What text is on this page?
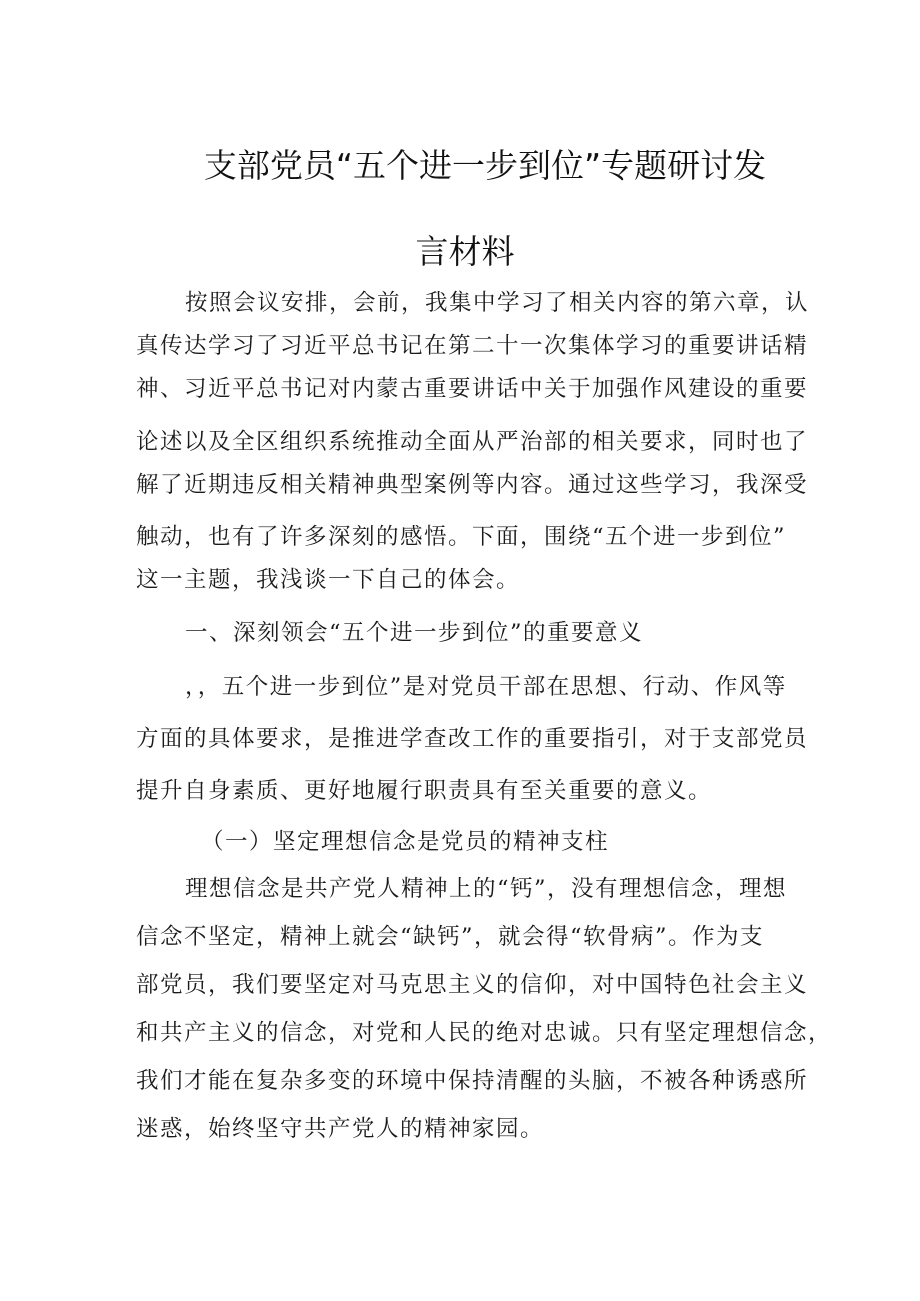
支部党员“五个进一步到位”专题研讨发
言材料
按照会议安排，会前，我集中学习了相关内容的第六章，认
真传达学习了习近平总书记在第二十一次集体学习的重要讲话精
神、习近平总书记对内蒙古重要讲话中关于加强作风建设的重要
论述以及全区组织系统推动全面从严治部的相关要求，同时也了
解了近期违反相关精神典型案例等内容。通过这些学习，我深受
触动，也有了许多深刻的感悟。下面，围绕“五个进一步到位”
这一主题，我浅谈一下自己的体会。
一、深刻领会“五个进一步到位”的重要意义
，，五个进一步到位”是对党员干部在思想、行动、作风等
方面的具体要求，是推进学查改工作的重要指引，对于支部党员
提升自身素质、更好地履行职责具有至关重要的意义。
（一）坚定理想信念是党员的精神支柱
理想信念是共产党人精神上的“钙”，没有理想信念，理想
信念不坚定，精神上就会“缺钙”，就会得“软骨病”。作为支
部党员，我们要坚定对马克思主义的信仰，对中国特色社会主义
和共产主义的信念，对党和人民的绝对忠诚。只有坚定理想信念，
我们才能在复杂多变的环境中保持清醒的头脑，不被各种诱惑所
迷惑，始终坚守共产党人的精神家园。
